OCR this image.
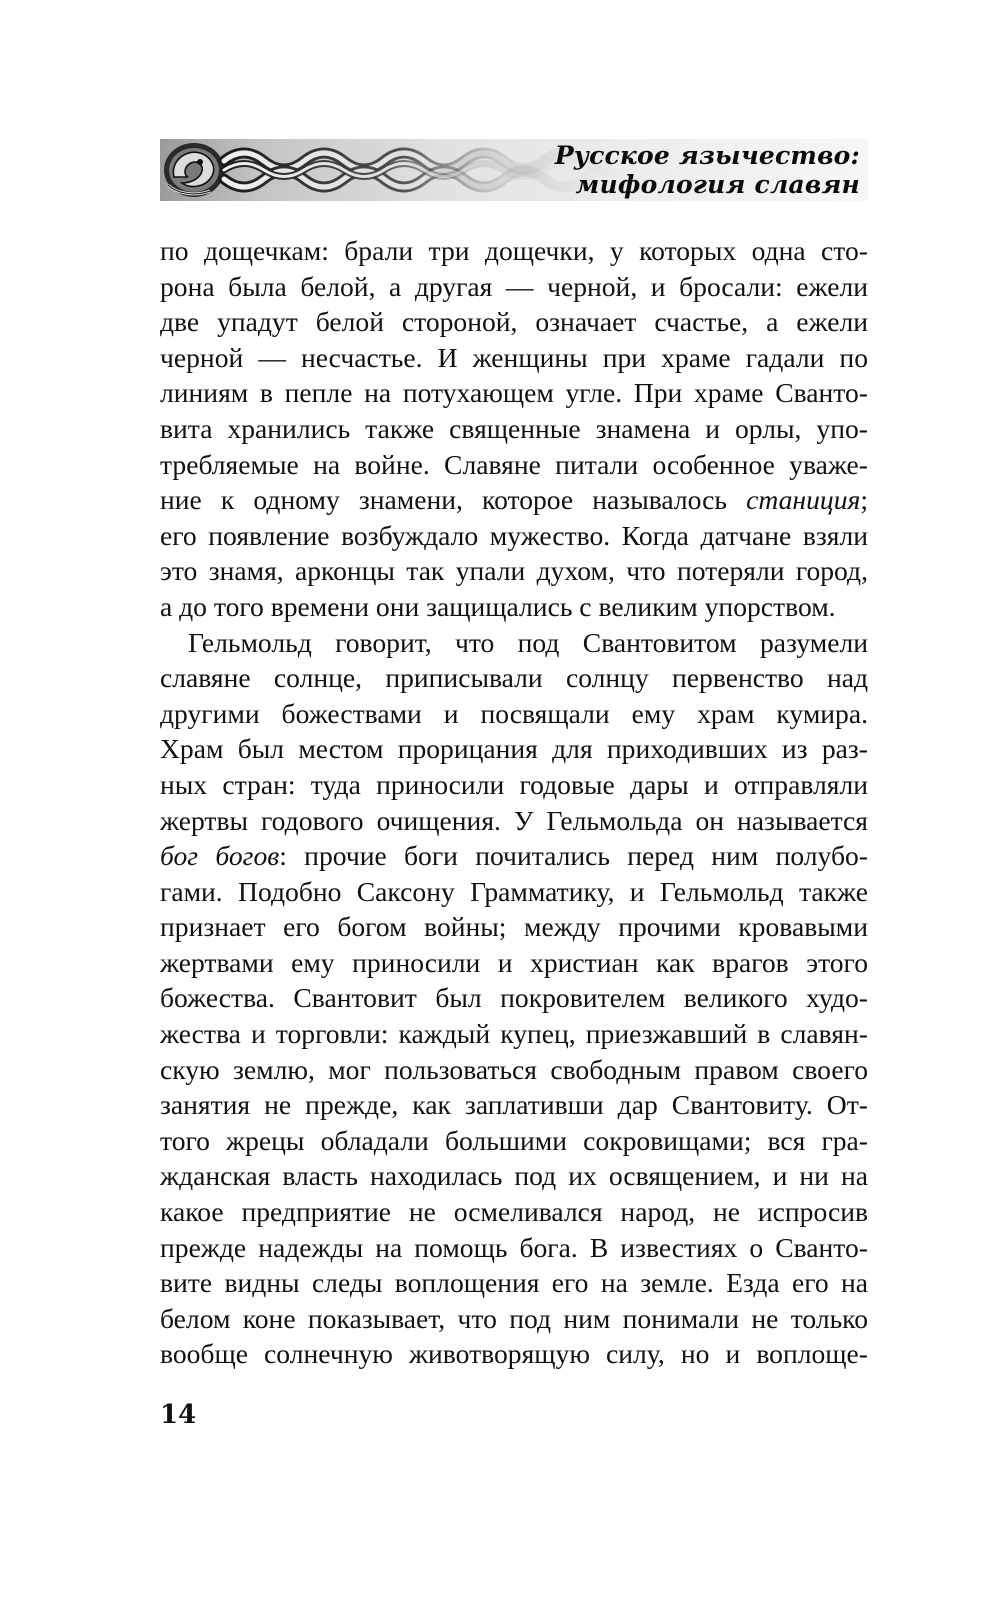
Русское язычество:
мифология славян
по дощечкам: брали три дощечки, у которых одна сто-
рона была белой, а другая — черной, и бросали: ежели
две упадут белой стороной, означает счастье, а ежели
черной — несчастье. И женщины при храме гадали по
линиям в пепле на потухающем угле. При храме Сванто-
вита хранились также священные знамена и орлы, упо-
требляемые на войне. Славяне питали особенное уваже-
ние к одному знамени, которое называлось станиция;
его появление возбуждало мужество. Когда датчане взяли
это знамя, арконцы так упали духом, что потеряли город,
а до того времени они защищались с великим упорством.
Гельмольд говорит, что под Свантовитом разумели
славяне солнце, приписывали солнцу первенство над
другими божествами и посвящали ему храм кумира.
Храм был местом прорицания для приходивших из раз-
ных стран: туда приносили годовые дары и отправляли
жертвы годового очищения. У Гельмольда он называется
бог богов: прочие боги почитались перед ним полубо-
гами. Подобно Саксону Грамматику, и Гельмольд также
признает его богом войны; между прочими кровавыми
жертвами ему приносили и христиан как врагов этого
божества. Свантовит был покровителем великого худо-
жества и торговли: каждый купец, приезжавший в славян-
скую землю, мог пользоваться свободным правом своего
занятия не прежде, как заплативши дар Свантовиту. От-
того жрецы обладали большими сокровищами; вся гра-
жданская власть находилась под их освящением, и ни на
какое предприятие не осмеливался народ, не испросив
прежде надежды на помощь бога. В известиях о Сванто-
вите видны следы воплощения его на земле. Езда его на
белом коне показывает, что под ним понимали не только
вообще солнечную животворящую силу, но и воплоще-
14
